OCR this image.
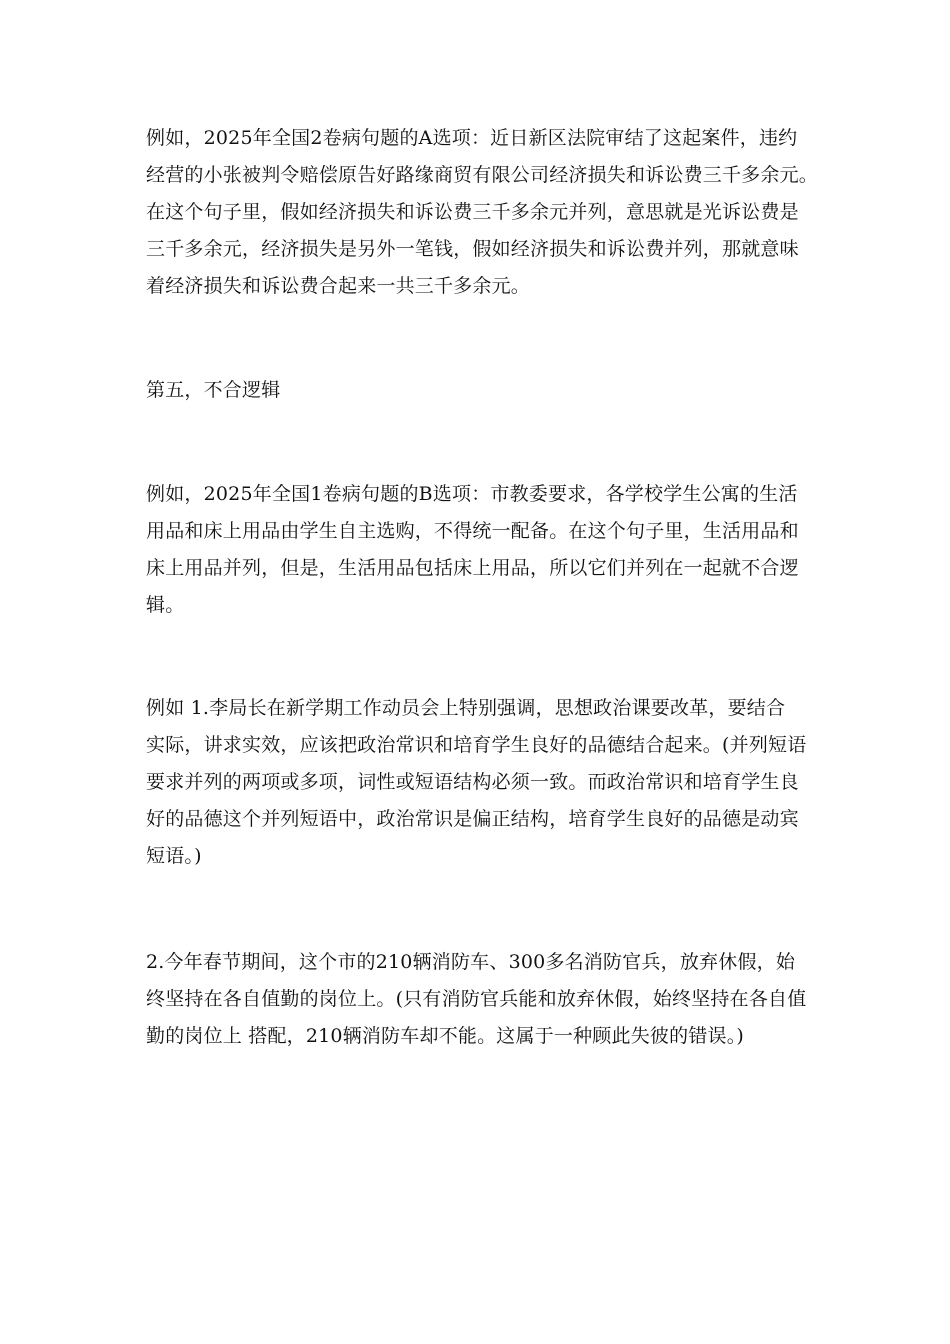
例如，2025年全国2卷病句题的A选项：近日新区法院审结了这起案件，违约
经营的小张被判令赔偿原告好路缘商贸有限公司经济损失和诉讼费三千多余元。
在这个句子里，假如经济损失和诉讼费三千多余元并列，意思就是光诉讼费是
三千多余元，经济损失是另外一笔钱，假如经济损失和诉讼费并列，那就意味
着经济损失和诉讼费合起来一共三千多余元。

第五，不合逻辑

例如，2025年全国1卷病句题的B选项：市教委要求，各学校学生公寓的生活
用品和床上用品由学生自主选购，不得统一配备。在这个句子里，生活用品和
床上用品并列，但是，生活用品包括床上用品，所以它们并列在一起就不合逻
辑。

例如 1.李局长在新学期工作动员会上特别强调，思想政治课要改革，要结合
实际，讲求实效，应该把政治常识和培育学生良好的品德结合起来。(并列短语
要求并列的两项或多项，词性或短语结构必须一致。而政治常识和培育学生良
好的品德这个并列短语中，政治常识是偏正结构，培育学生良好的品德是动宾
短语。)

2.今年春节期间，这个市的210辆消防车、300多名消防官兵，放弃休假，始
终坚持在各自值勤的岗位上。(只有消防官兵能和放弃休假，始终坚持在各自值
勤的岗位上 搭配，210辆消防车却不能。这属于一种顾此失彼的错误。)
